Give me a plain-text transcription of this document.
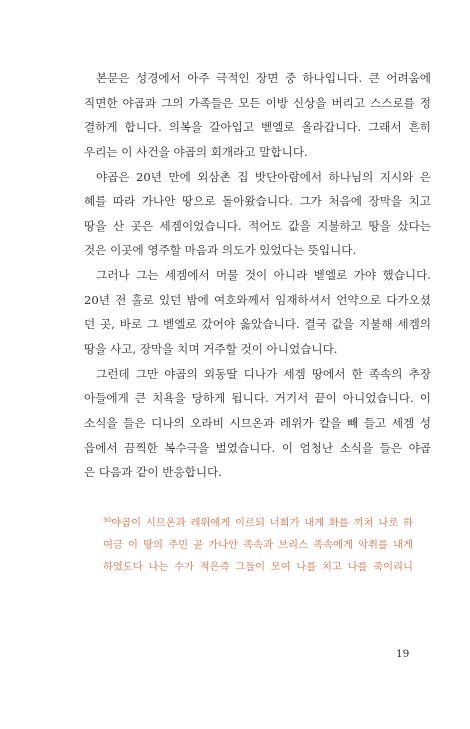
본문은 성경에서 아주 극적인 장면 중 하나입니다. 큰 어려움에
직면한 야곱과 그의 가족들은 모든 이방 신상을 버리고 스스로를 정
결하게 합니다. 의복을 갈아입고 벧엘로 올라갑니다. 그래서 흔히
우리는 이 사건을 야곱의 회개라고 말합니다.
야곱은 20년 만에 외삼촌 집 밧단아람에서 하나님의 지시와 은
혜를 따라 가나안 땅으로 돌아왔습니다. 그가 처음에 장막을 치고
땅을 산 곳은 세겜이었습니다. 적어도 값을 지불하고 땅을 샀다는
것은 이곳에 영주할 마음과 의도가 있었다는 뜻입니다.
그러나 그는 세겜에서 머물 것이 아니라 벧엘로 가야 했습니다.
20년 전 홀로 있던 밤에 여호와께서 임재하셔서 언약으로 다가오셨
던 곳, 바로 그 벧엘로 갔어야 옳았습니다. 결국 값을 지불해 세겜의
땅을 사고, 장막을 치며 거주할 것이 아니었습니다.
그런데 그만 야곱의 외동딸 디나가 세겜 땅에서 한 족속의 추장
아들에게 큰 치욕을 당하게 됩니다. 거기서 끝이 아니었습니다. 이
소식을 들은 디나의 오라비 시므온과 레위가 칼을 빼 들고 세겜 성
읍에서 끔찍한 복수극을 벌였습니다. 이 엄청난 소식을 들은 야곱
은 다음과 같이 반응합니다.
$^{30}$야곱이 시므온과 레위에게 이르되 너희가 내게 화를 끼쳐 나로 하
여금 이 땅의 주민 곧 가나안 족속과 브리스 족속에게 악취를 내게
하였도다 나는 수가 적은즉 그들이 모여 나를 치고 나를 죽이리니
19
